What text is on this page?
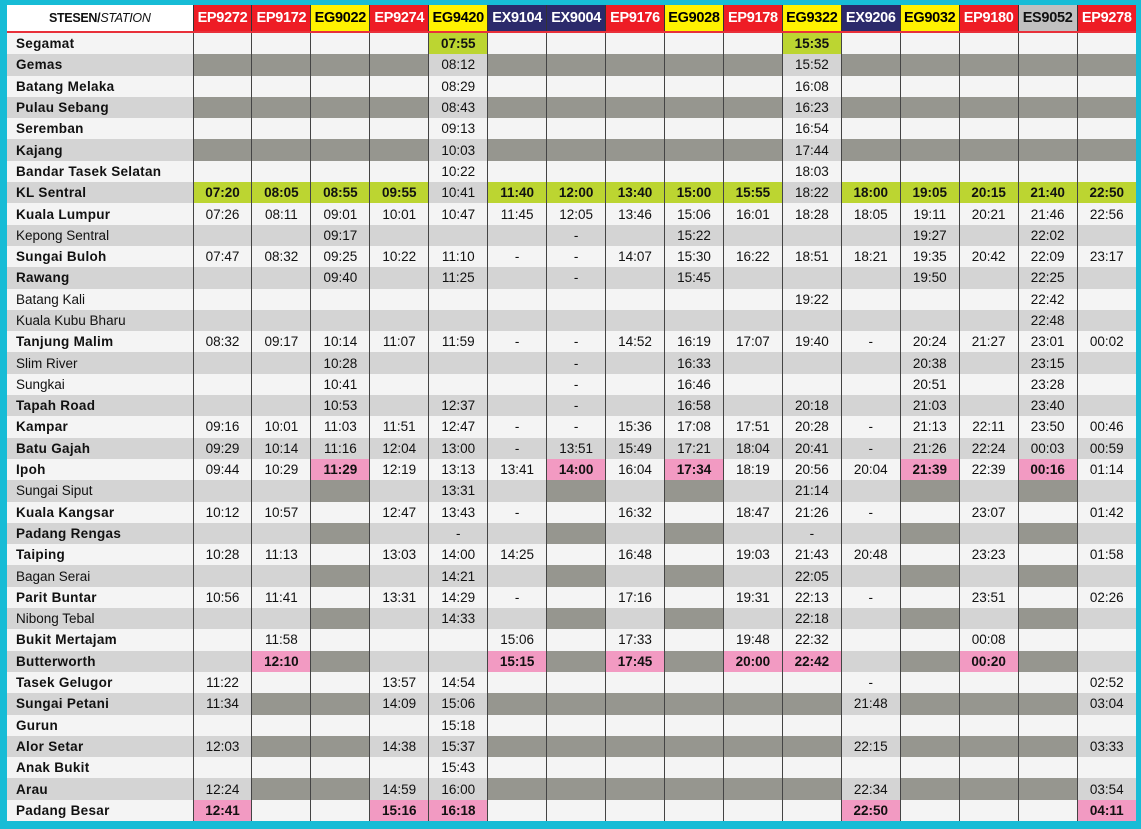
STESEN/STATION	EP9272	EP9172	EG9022	EP9274	EG9420	EX9104	EX9004	EP9176	EG9028	EP9178	EG9322	EX9206	EG9032	EP9180	ES9052	EP9278
Segamat					07:55						15:35					
Gemas					08:12						15:52					
Batang Melaka					08:29						16:08					
Pulau Sebang					08:43						16:23					
Seremban					09:13						16:54					
Kajang					10:03						17:44					
Bandar Tasek Selatan					10:22						18:03					
KL Sentral	07:20	08:05	08:55	09:55	10:41	11:40	12:00	13:40	15:00	15:55	18:22	18:00	19:05	20:15	21:40	22:50
Kuala Lumpur	07:26	08:11	09:01	10:01	10:47	11:45	12:05	13:46	15:06	16:01	18:28	18:05	19:11	20:21	21:46	22:56
Kepong Sentral			09:17				-		15:22				19:27		22:02	
Sungai Buloh	07:47	08:32	09:25	10:22	11:10	-	-	14:07	15:30	16:22	18:51	18:21	19:35	20:42	22:09	23:17
Rawang			09:40		11:25		-		15:45				19:50		22:25	
Batang Kali											19:22				22:42	
Kuala Kubu Bharu															22:48	
Tanjung Malim	08:32	09:17	10:14	11:07	11:59	-	-	14:52	16:19	17:07	19:40	-	20:24	21:27	23:01	00:02
Slim River			10:28				-		16:33				20:38		23:15	
Sungkai			10:41				-		16:46				20:51		23:28	
Tapah Road			10:53		12:37		-		16:58		20:18		21:03		23:40	
Kampar	09:16	10:01	11:03	11:51	12:47	-	-	15:36	17:08	17:51	20:28	-	21:13	22:11	23:50	00:46
Batu Gajah	09:29	10:14	11:16	12:04	13:00	-	13:51	15:49	17:21	18:04	20:41	-	21:26	22:24	00:03	00:59
Ipoh	09:44	10:29	11:29	12:19	13:13	13:41	14:00	16:04	17:34	18:19	20:56	20:04	21:39	22:39	00:16	01:14
Sungai Siput					13:31						21:14					
Kuala Kangsar	10:12	10:57		12:47	13:43	-		16:32		18:47	21:26	-		23:07		01:42
Padang Rengas					-						-					
Taiping	10:28	11:13		13:03	14:00	14:25		16:48		19:03	21:43	20:48		23:23		01:58
Bagan Serai					14:21						22:05					
Parit Buntar	10:56	11:41		13:31	14:29	-		17:16		19:31	22:13	-		23:51		02:26
Nibong Tebal					14:33						22:18					
Bukit Mertajam		11:58				15:06		17:33		19:48	22:32			00:08		
Butterworth		12:10				15:15		17:45		20:00	22:42			00:20		
Tasek Gelugor	11:22			13:57	14:54							-				02:52
Sungai Petani	11:34			14:09	15:06							21:48				03:04
Gurun					15:18											
Alor Setar	12:03			14:38	15:37							22:15				03:33
Anak Bukit					15:43											
Arau	12:24			14:59	16:00							22:34				03:54
Padang Besar	12:41			15:16	16:18							22:50				04:11
